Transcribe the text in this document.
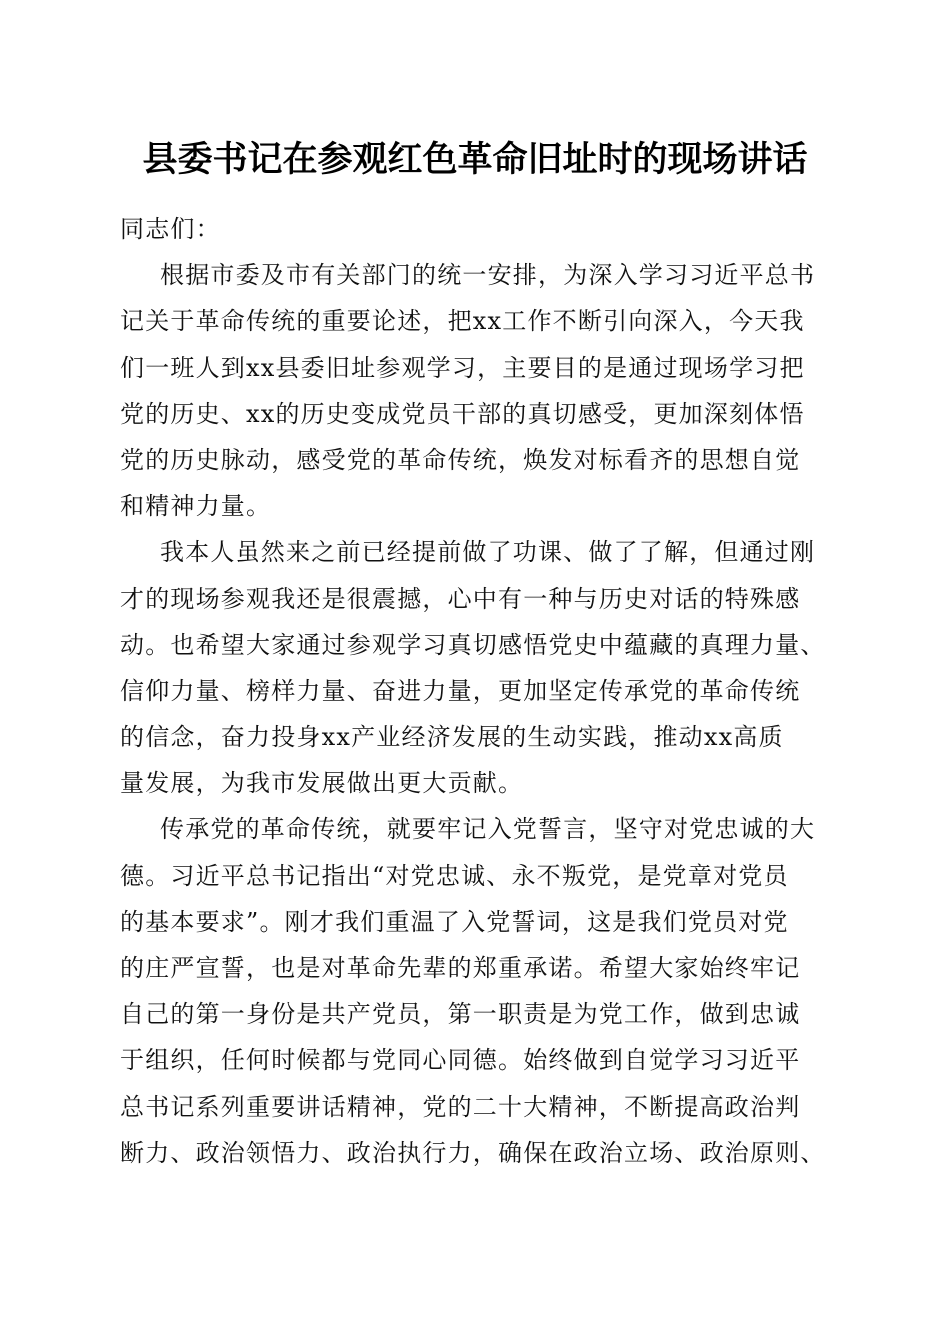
县委书记在参观红色革命旧址时的现场讲话
同志们：
根据市委及市有关部门的统一安排，为深入学习习近平总书
记关于革命传统的重要论述，把xx工作不断引向深入，今天我
们一班人到xx县委旧址参观学习，主要目的是通过现场学习把
党的历史、xx的历史变成党员干部的真切感受，更加深刻体悟
党的历史脉动，感受党的革命传统，焕发对标看齐的思想自觉
和精神力量。
我本人虽然来之前已经提前做了功课、做了了解，但通过刚
才的现场参观我还是很震撼，心中有一种与历史对话的特殊感
动。也希望大家通过参观学习真切感悟党史中蕴藏的真理力量、
信仰力量、榜样力量、奋进力量，更加坚定传承党的革命传统
的信念，奋力投身xx产业经济发展的生动实践，推动xx高质
量发展，为我市发展做出更大贡献。
传承党的革命传统，就要牢记入党誓言，坚守对党忠诚的大
德。习近平总书记指出“对党忠诚、永不叛党，是党章对党员
的基本要求”。刚才我们重温了入党誓词，这是我们党员对党
的庄严宣誓，也是对革命先辈的郑重承诺。希望大家始终牢记
自己的第一身份是共产党员，第一职责是为党工作，做到忠诚
于组织，任何时候都与党同心同德。始终做到自觉学习习近平
总书记系列重要讲话精神，党的二十大精神，不断提高政治判
断力、政治领悟力、政治执行力，确保在政治立场、政治原则、
